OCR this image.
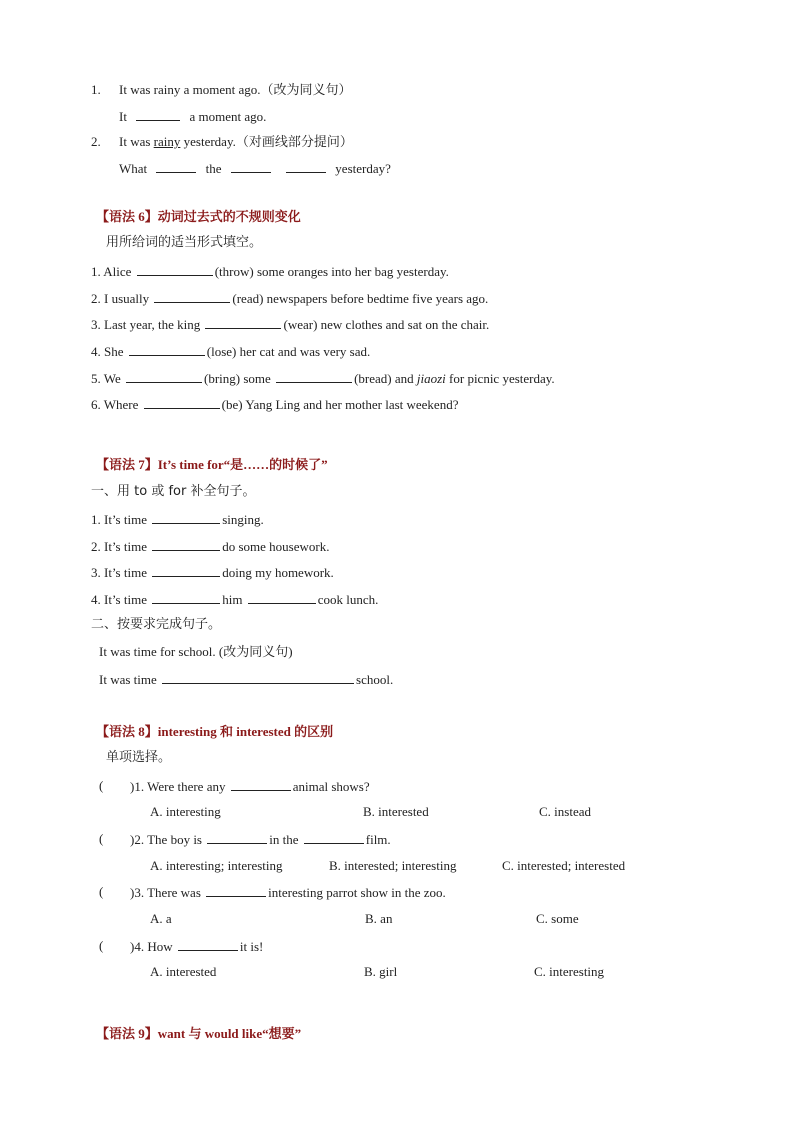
1. It was rainy a moment ago.（改为同义句）
It	a moment ago.
2. It was rainy yesterday.（对画线部分提问）
What	the	yesterday?
【语法 6】动词过去式的不规则变化
用所给词的适当形式填空。
1. Alice	(throw) some oranges into her bag yesterday.
2. I usually	(read) newspapers before bedtime five years ago.
3. Last year, the king	(wear) new clothes and sat on the chair.
4. She	(lose) her cat and was very sad.
5. We	(bring) some	(bread) and jiaozi for picnic yesterday.
6. Where	(be) Yang Ling and her mother last weekend?
【语法 7】It’s time for“是……的时候了”
一、用 to 或 for 补全句子。
1. It’s time	singing.
2. It’s time	do some housework.
3. It’s time	doing my homework.
4. It’s time	him	cook lunch.
二、按要求完成句子。
It was time for school. (改为同义句)
It was time	school.
【语法 8】interesting 和 interested 的区别
单项选择。
( )1. Were there any	animal shows?
A. interesting	B. interested	C. instead
( )2. The boy is	in the	film.
A. interesting; interesting	B. interested; interesting	C. interested; interested
( )3. There was	interesting parrot show in the zoo.
A. a	B. an	C. some
( )4. How	it is!
A. interested	B. girl	C. interesting
【语法 9】want 与 would like“想要”
